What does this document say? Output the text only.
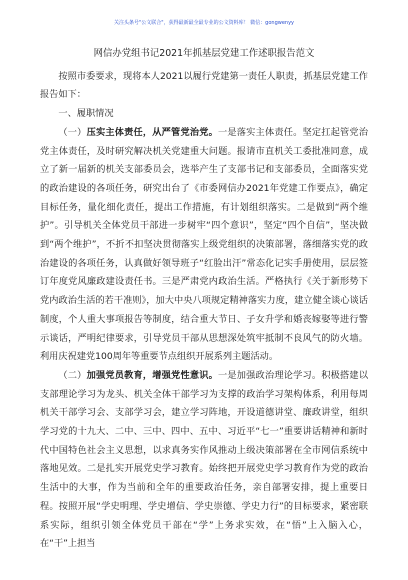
关注头条号"公文联合"，获得最新最全最专业的公文资料库！ 微信：gongwenyy
网信办党组书记2021年抓基层党建工作述职报告范文

按照市委要求，现将本人2021以履行党建第一责任人职责，抓基层党建工作报告如下：

一、履职情况

（一）压实主体责任，从严管党治党。一是落实主体责任。坚定扛起管党治党主体责任，及时研究解决机关党建重大问题。报请市直机关工委批准同意，成立了新一届新的机关支部委员会，选举产生了支部书记和支部委员，全面落实党的政治建设的各项任务，研究出台了《市委网信办2021年党建工作要点》，确定目标任务，量化细化责任，提出工作措施，有计划组织落实。二是做到“两个维护”。引导机关全体党员干部进一步树牢“四个意识”，坚定“四个自信”，坚决做到“两个维护”，不折不扣坚决贯彻落实上级党组织的决策部署，落细落实党的政治建设的各项任务，认真做好领导班子“红脸出汗”常态化记实手册使用，层层签订年度党风廉政建设责任书。三是严肃党内政治生活。严格执行《关于新形势下党内政治生活的若干准则》，加大中央八项规定精神落实力度，建立健全谈心谈话制度，个人重大事项报告等制度，结合重大节日、子女升学和婚丧嫁娶等进行警示谈话，严明纪律要求，引导党员干部从思想深处筑牢抵制不良风气的防火墙。利用庆祝建党100周年等重要节点组织开展系列主题活动。

（二）加强党员教育，增强党性意识。一是加强政治理论学习。积极搭建以支部理论学习为龙头、机关全体干部学习为支撑的政治学习架构体系，利用每周机关干部学习会、支部学习会，建立学习阵地，开设道德讲堂、廉政讲堂，组织学习党的十九大、二中、三中、四中、五中、习近平“七一”重要讲话精神和新时代中国特色社会主义思想，以求真务实作风推动上级决策部署在全市网信系统中落地见效。二是扎实开展党史学习教育。始终把开展党史学习教育作为党的政治生活中的大事，作为当前和全年的重要政治任务，亲自部署安排，提上重要日程。按照开展“学史明理、学史增信、学史崇德、学史力行”的目标要求，紧密联系实际，组织引领全体党员干部在“学”上务求实效，在“悟”上入脑入心，在“干”上担当
